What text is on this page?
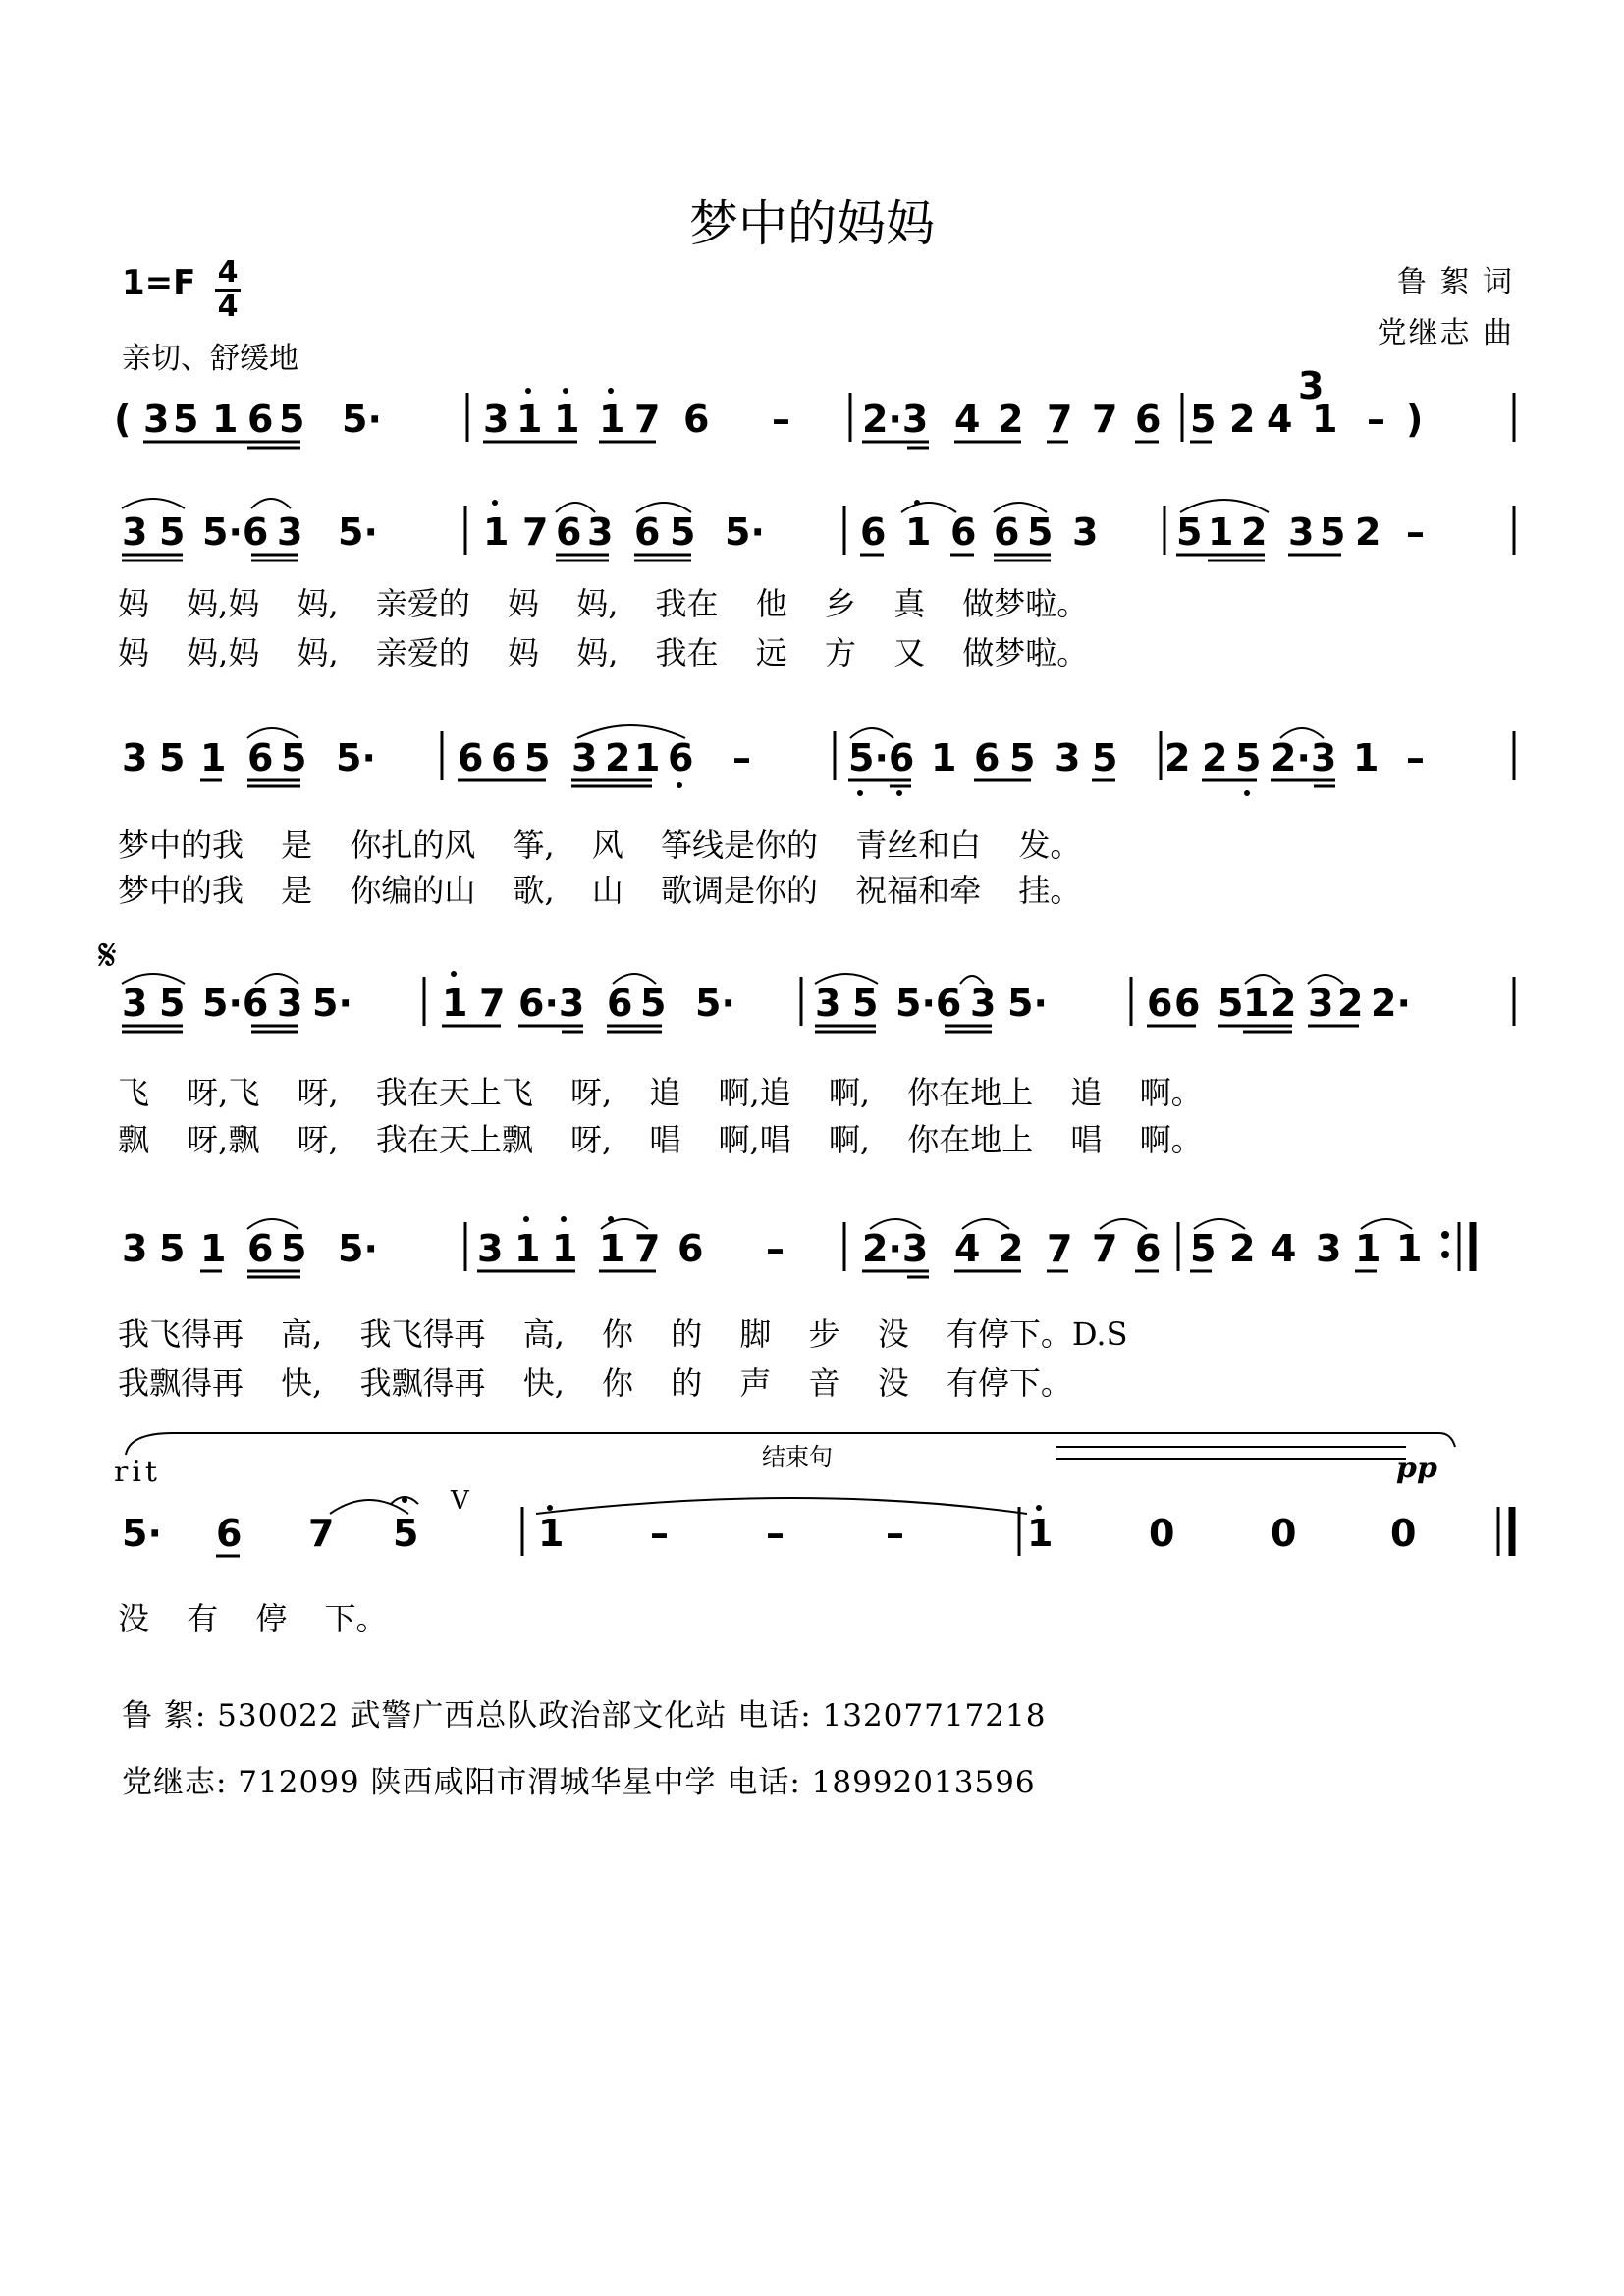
梦中的妈妈
1=F 4
4
亲切、舒缓地
鲁 絮 词
党继志 曲
( 3 5 1 6 5 5·	3 1 1 1 7 6 – 2·3 4 2 7 7 6 5 2 4
3
1 – )
3 5 5·6 3 5·	1 7 6 3 6 5 5·	6 1 6 6 5 3 5 1 2 3 5 2 –
妈 妈,妈 妈, 亲爱的 妈 妈, 我在 他 乡 真 做梦啦。
妈 妈,妈 妈, 亲爱的 妈 妈, 我在 远 方 又 做梦啦。
3 5 1 6 5 5· 6 6 5 3 2 1 6 –	5·6 1 6 5 3 5 2 2 5 2·3 1 –
梦中的我 是 你扎的风 筝, 风 筝线是你的 青丝和白 发。
梦中的我 是 你编的山 歌, 山 歌调是你的 祝福和牵 挂。
𝄋
3 5 5·6 3 5· 1 7 6·3 6 5 5· 3 5 5·6 3 5·	6 6 5 1 2 3 2 2·
飞 呀,飞 呀, 我在天上飞 呀, 追 啊,追 啊, 你在地上 追 啊。
飘 呀,飘 呀, 我在天上飘 呀, 唱 啊,唱 啊, 你在地上 唱 啊。
3 5 1 6 5 5·	3 1 1 1 7 6 – 2·3 4 2 7 7 6 5 2 4 3 1 1
我飞得再 高, 我飞得再 高, 你 的 脚 步 没 有停下。D.S
我飘得再 快, 我飘得再 快, 你 的 声 音 没 有停下。
rit	结束句	pp
V
5· 6 7 5	1 –	–	–	1	0	0	0
没 有 停 下。
鲁 絮: 530022 武警广西总队政治部文化站 电话: 13207717218
党继志: 712099 陕西咸阳市渭城华星中学 电话: 18992013596
